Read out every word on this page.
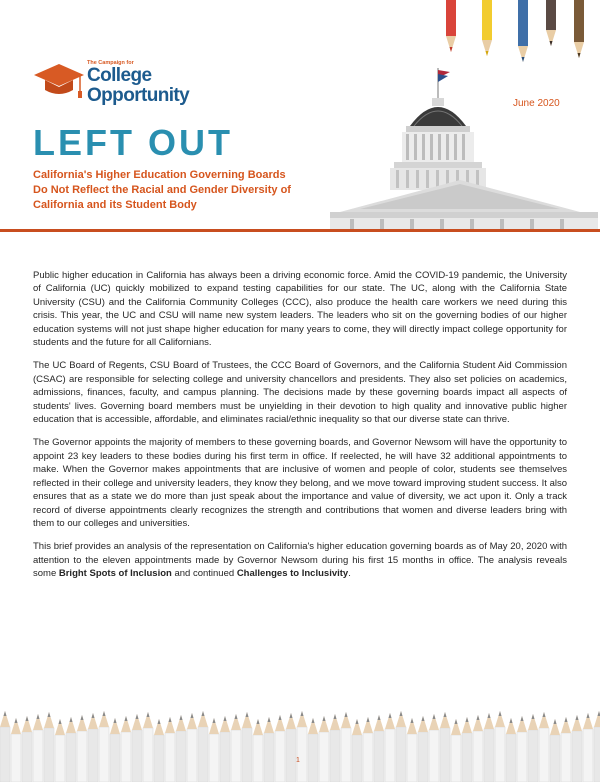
The Campaign for
College
Opportunity	June 2020
LEFT OUT
California's Higher Education Governing Boards Do Not Reflect the Racial and Gender Diversity of California and its Student Body

Public higher education in California has always been a driving economic force. Amid the COVID-19 pandemic, the University of California (UC) quickly mobilized to expand testing capabilities for our state. The UC, along with the California State University (CSU) and the California Community Colleges (CCC), also produce the health care workers we need during this crisis. This year, the UC and CSU will name new system leaders. The leaders who sit on the governing bodies of our higher education systems will not just shape higher education for many years to come, they will directly impact college opportunity for students and the future for all Californians.

The UC Board of Regents, CSU Board of Trustees, the CCC Board of Governors, and the California Student Aid Commission (CSAC) are responsible for selecting college and university chancellors and presidents. They also set policies on academics, admissions, finances, faculty, and campus planning. The decisions made by these governing boards impact all aspects of students' lives. Governing board members must be unyielding in their devotion to high quality and innovative public higher education that is accessible, affordable, and eliminates racial/ethnic inequality so that our diverse state can thrive.

The Governor appoints the majority of members to these governing boards, and Governor Newsom will have the opportunity to appoint 23 key leaders to these bodies during his first term in office. If reelected, he will have 32 additional appointments to make. When the Governor makes appointments that are inclusive of women and people of color, students see themselves reflected in their college and university leaders, they know they belong, and we move toward improving student success. It also ensures that as a state we do more than just speak about the importance and value of diversity, we act upon it. Only a track record of diverse appointments clearly recognizes the strength and contributions that women and diverse leaders bring with them to our colleges and universities.

This brief provides an analysis of the representation on California's higher education governing boards as of May 20, 2020 with attention to the eleven appointments made by Governor Newsom during his first 15 months in office. The analysis reveals some Bright Spots of Inclusion and continued Challenges to Inclusivity.

1
